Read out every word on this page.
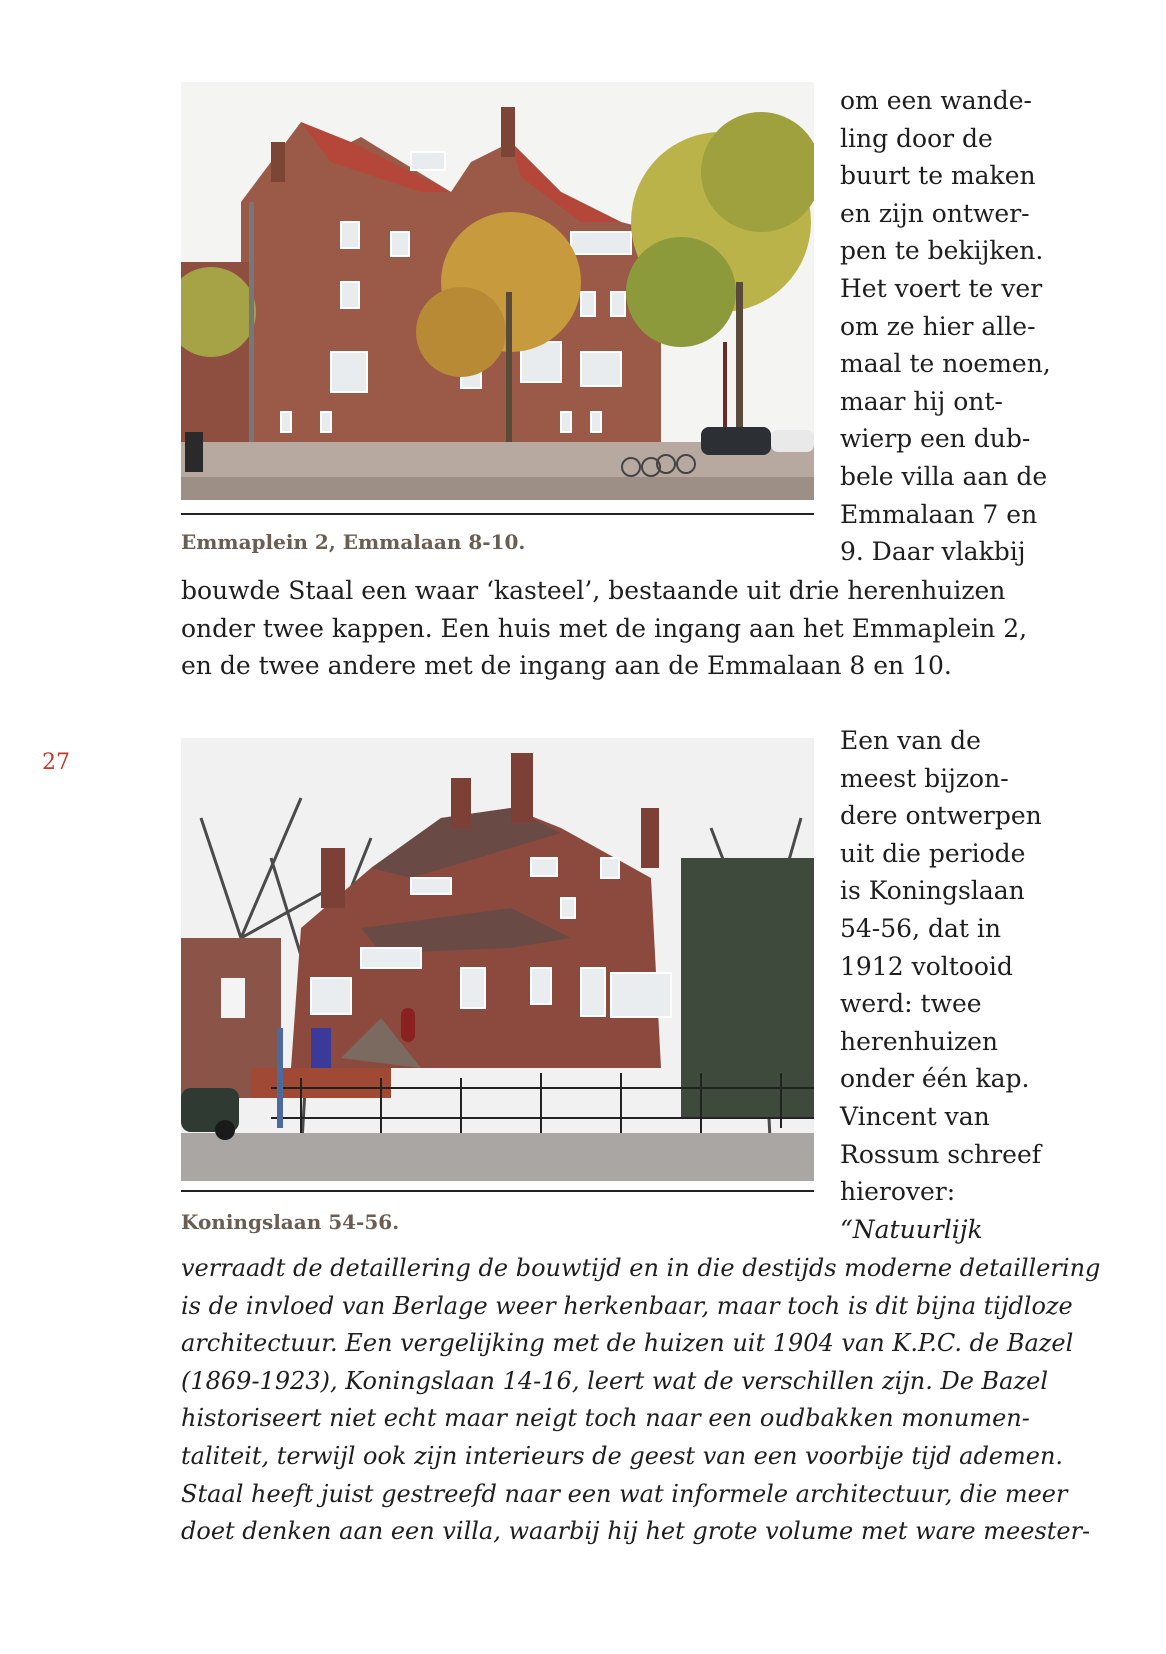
27
Emmaplein 2, Emmalaan 8-10.
om een wande-
ling door de
buurt te maken
en zijn ontwer-
pen te bekijken.
Het voert te ver
om ze hier alle-
maal te noemen,
maar hij ont-
wierp een dub-
bele villa aan de
Emmalaan 7 en
9. Daar vlakbij
bouwde Staal een waar ‘kasteel’, bestaande uit drie herenhuizen
onder twee kappen. Een huis met de ingang aan het Emmaplein 2,
en de twee andere met de ingang aan de Emmalaan 8 en 10.
Koningslaan 54-56.
Een van de
meest bijzon-
dere ontwerpen
uit die periode
is Koningslaan
54-56, dat in
1912 voltooid
werd: twee
herenhuizen
onder één kap.
Vincent van
Rossum schreef
hierover:
“Natuurlijk
verraadt de detaillering de bouwtijd en in die destijds moderne detaillering
is de invloed van Berlage weer herkenbaar, maar toch is dit bijna tijdloze
architectuur. Een vergelijking met de huizen uit 1904 van K.P.C. de Bazel
(1869-1923), Koningslaan 14-16, leert wat de verschillen zijn. De Bazel
historiseert niet echt maar neigt toch naar een oudbakken monumen-
taliteit, terwijl ook zijn interieurs de geest van een voorbije tijd ademen.
Staal heeft juist gestreefd naar een wat informele architectuur, die meer
doet denken aan een villa, waarbij hij het grote volume met ware meester-
